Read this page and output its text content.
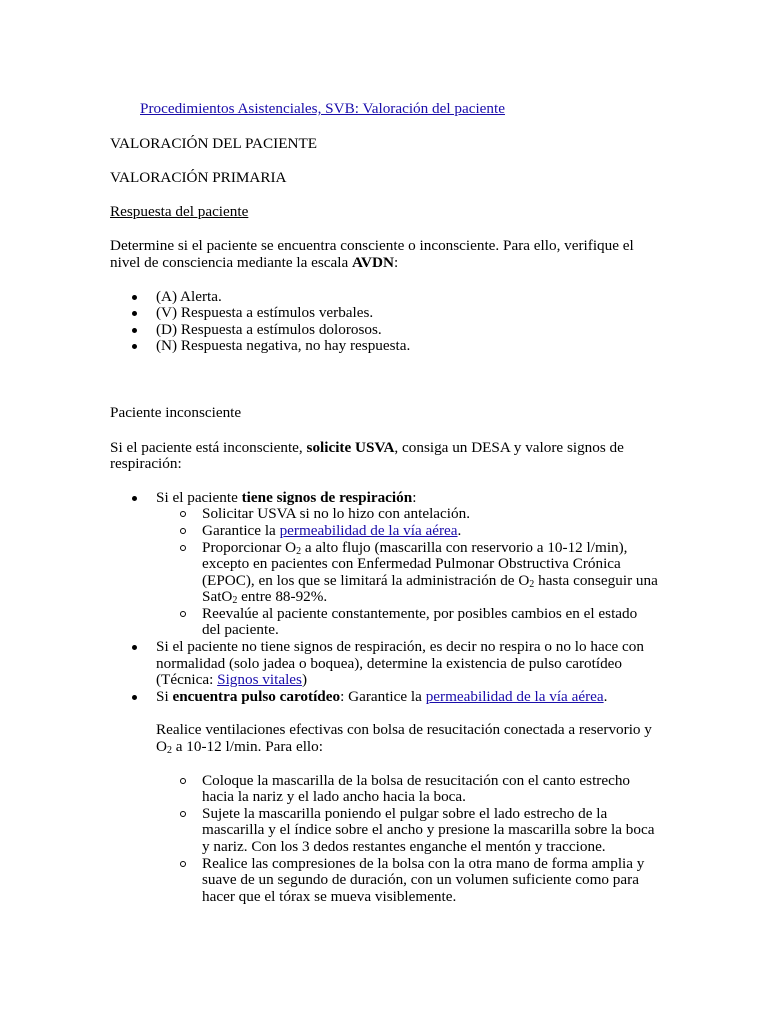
Procedimientos Asistenciales, SVB: Valoración del paciente

VALORACIÓN DEL PACIENTE

VALORACIÓN PRIMARIA

Respuesta del paciente

Determine si el paciente se encuentra consciente o inconsciente. Para ello, verifique el nivel de consciencia mediante la escala AVDN:

(A) Alerta.
(V) Respuesta a estímulos verbales.
(D) Respuesta a estímulos dolorosos.
(N) Respuesta negativa, no hay respuesta.

Paciente inconsciente

Si el paciente está inconsciente, solicite USVA, consiga un DESA y valore signos de respiración:

Si el paciente tiene signos de respiración:
Solicitar USVA si no lo hizo con antelación.
Garantice la permeabilidad de la vía aérea.
Proporcionar $O_2$ a alto flujo (mascarilla con reservorio a 10-12 l/min), excepto en pacientes con Enfermedad Pulmonar Obstructiva Crónica (EPOC), en los que se limitará la administración de $O_2$ hasta conseguir una SatO$_2$ entre 88-92%.
Reevalúe al paciente constantemente, por posibles cambios en el estado del paciente.
Si el paciente no tiene signos de respiración, es decir no respira o no lo hace con normalidad (solo jadea o boquea), determine la existencia de pulso carotídeo (Técnica: Signos vitales)
Si encuentra pulso carotídeo: Garantice la permeabilidad de la vía aérea.

Realice ventilaciones efectivas con bolsa de resucitación conectada a reservorio y $O_2$ a 10-12 l/min. Para ello:

Coloque la mascarilla de la bolsa de resucitación con el canto estrecho hacia la nariz y el lado ancho hacia la boca.
Sujete la mascarilla poniendo el pulgar sobre el lado estrecho de la mascarilla y el índice sobre el ancho y presione la mascarilla sobre la boca y nariz. Con los 3 dedos restantes enganche el mentón y traccione.
Realice las compresiones de la bolsa con la otra mano de forma amplia y suave de un segundo de duración, con un volumen suficiente como para hacer que el tórax se mueva visiblemente.
